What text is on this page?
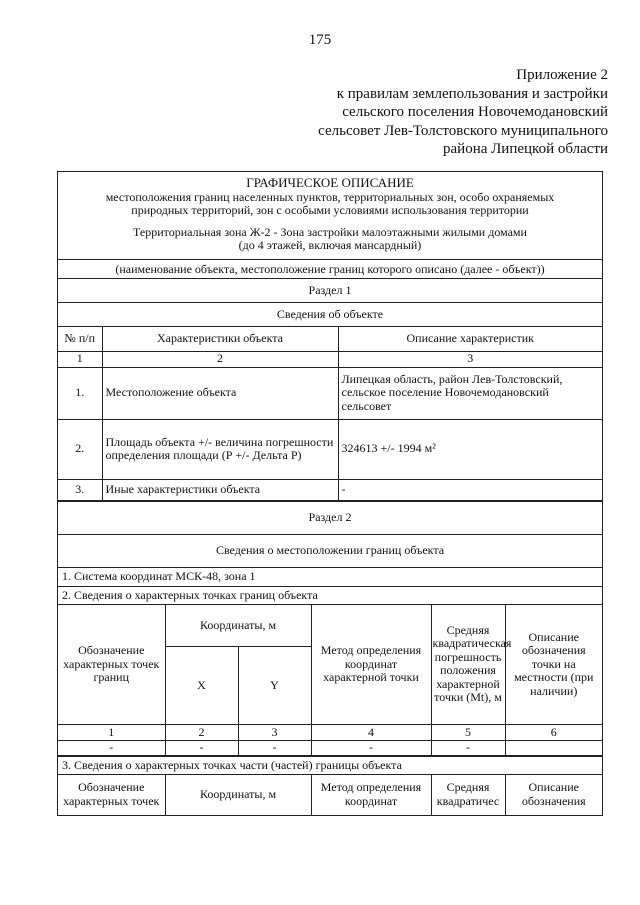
175
Приложение 2
к правилам землепользования и застройки
сельского поселения Новочемодановский
сельсовет Лев-Толстовского муниципального
района Липецкой области
ГРАФИЧЕСКОЕ ОПИСАНИЕ
местоположения границ населенных пунктов, территориальных зон, особо охраняемых
природных территорий, зон с особыми условиями использования территории
Территориальная зона Ж-2 - Зона застройки малоэтажными жилыми домами
(до 4 этажей, включая мансардный)
(наименование объекта, местоположение границ которого описано (далее - объект))
Раздел 1
Сведения об объекте
№ п/п	Характеристики объекта	Описание характеристик
1	2	3
1.	Местоположение объекта	Липецкая область, район Лев-Толстовский, сельское поселение Новочемодановский сельсовет
2.	Площадь объекта +/- величина погрешности определения площади (Р +/- Дельта Р)	324613 +/- 1994 м²
3.	Иные характеристики объекта	-
Раздел 2
Сведения о местоположении границ объекта
1. Система координат МСК-48, зона 1
2. Сведения о характерных точках границ объекта
Обозначение характерных точек границ	Координаты, м		Метод определения координат характерной точки	Средняя квадратическая погрешность положения характерной точки (Mt), м	Описание обозначения точки на местности (при наличии)
	X	Y			
1	2	3	4	5	6
-	-	-	-	-	
3. Сведения о характерных точках части (частей) границы объекта
Обозначение характерных точек	Координаты, м	Метод определения координат	Средняя квадратичес	Описание обозначения
